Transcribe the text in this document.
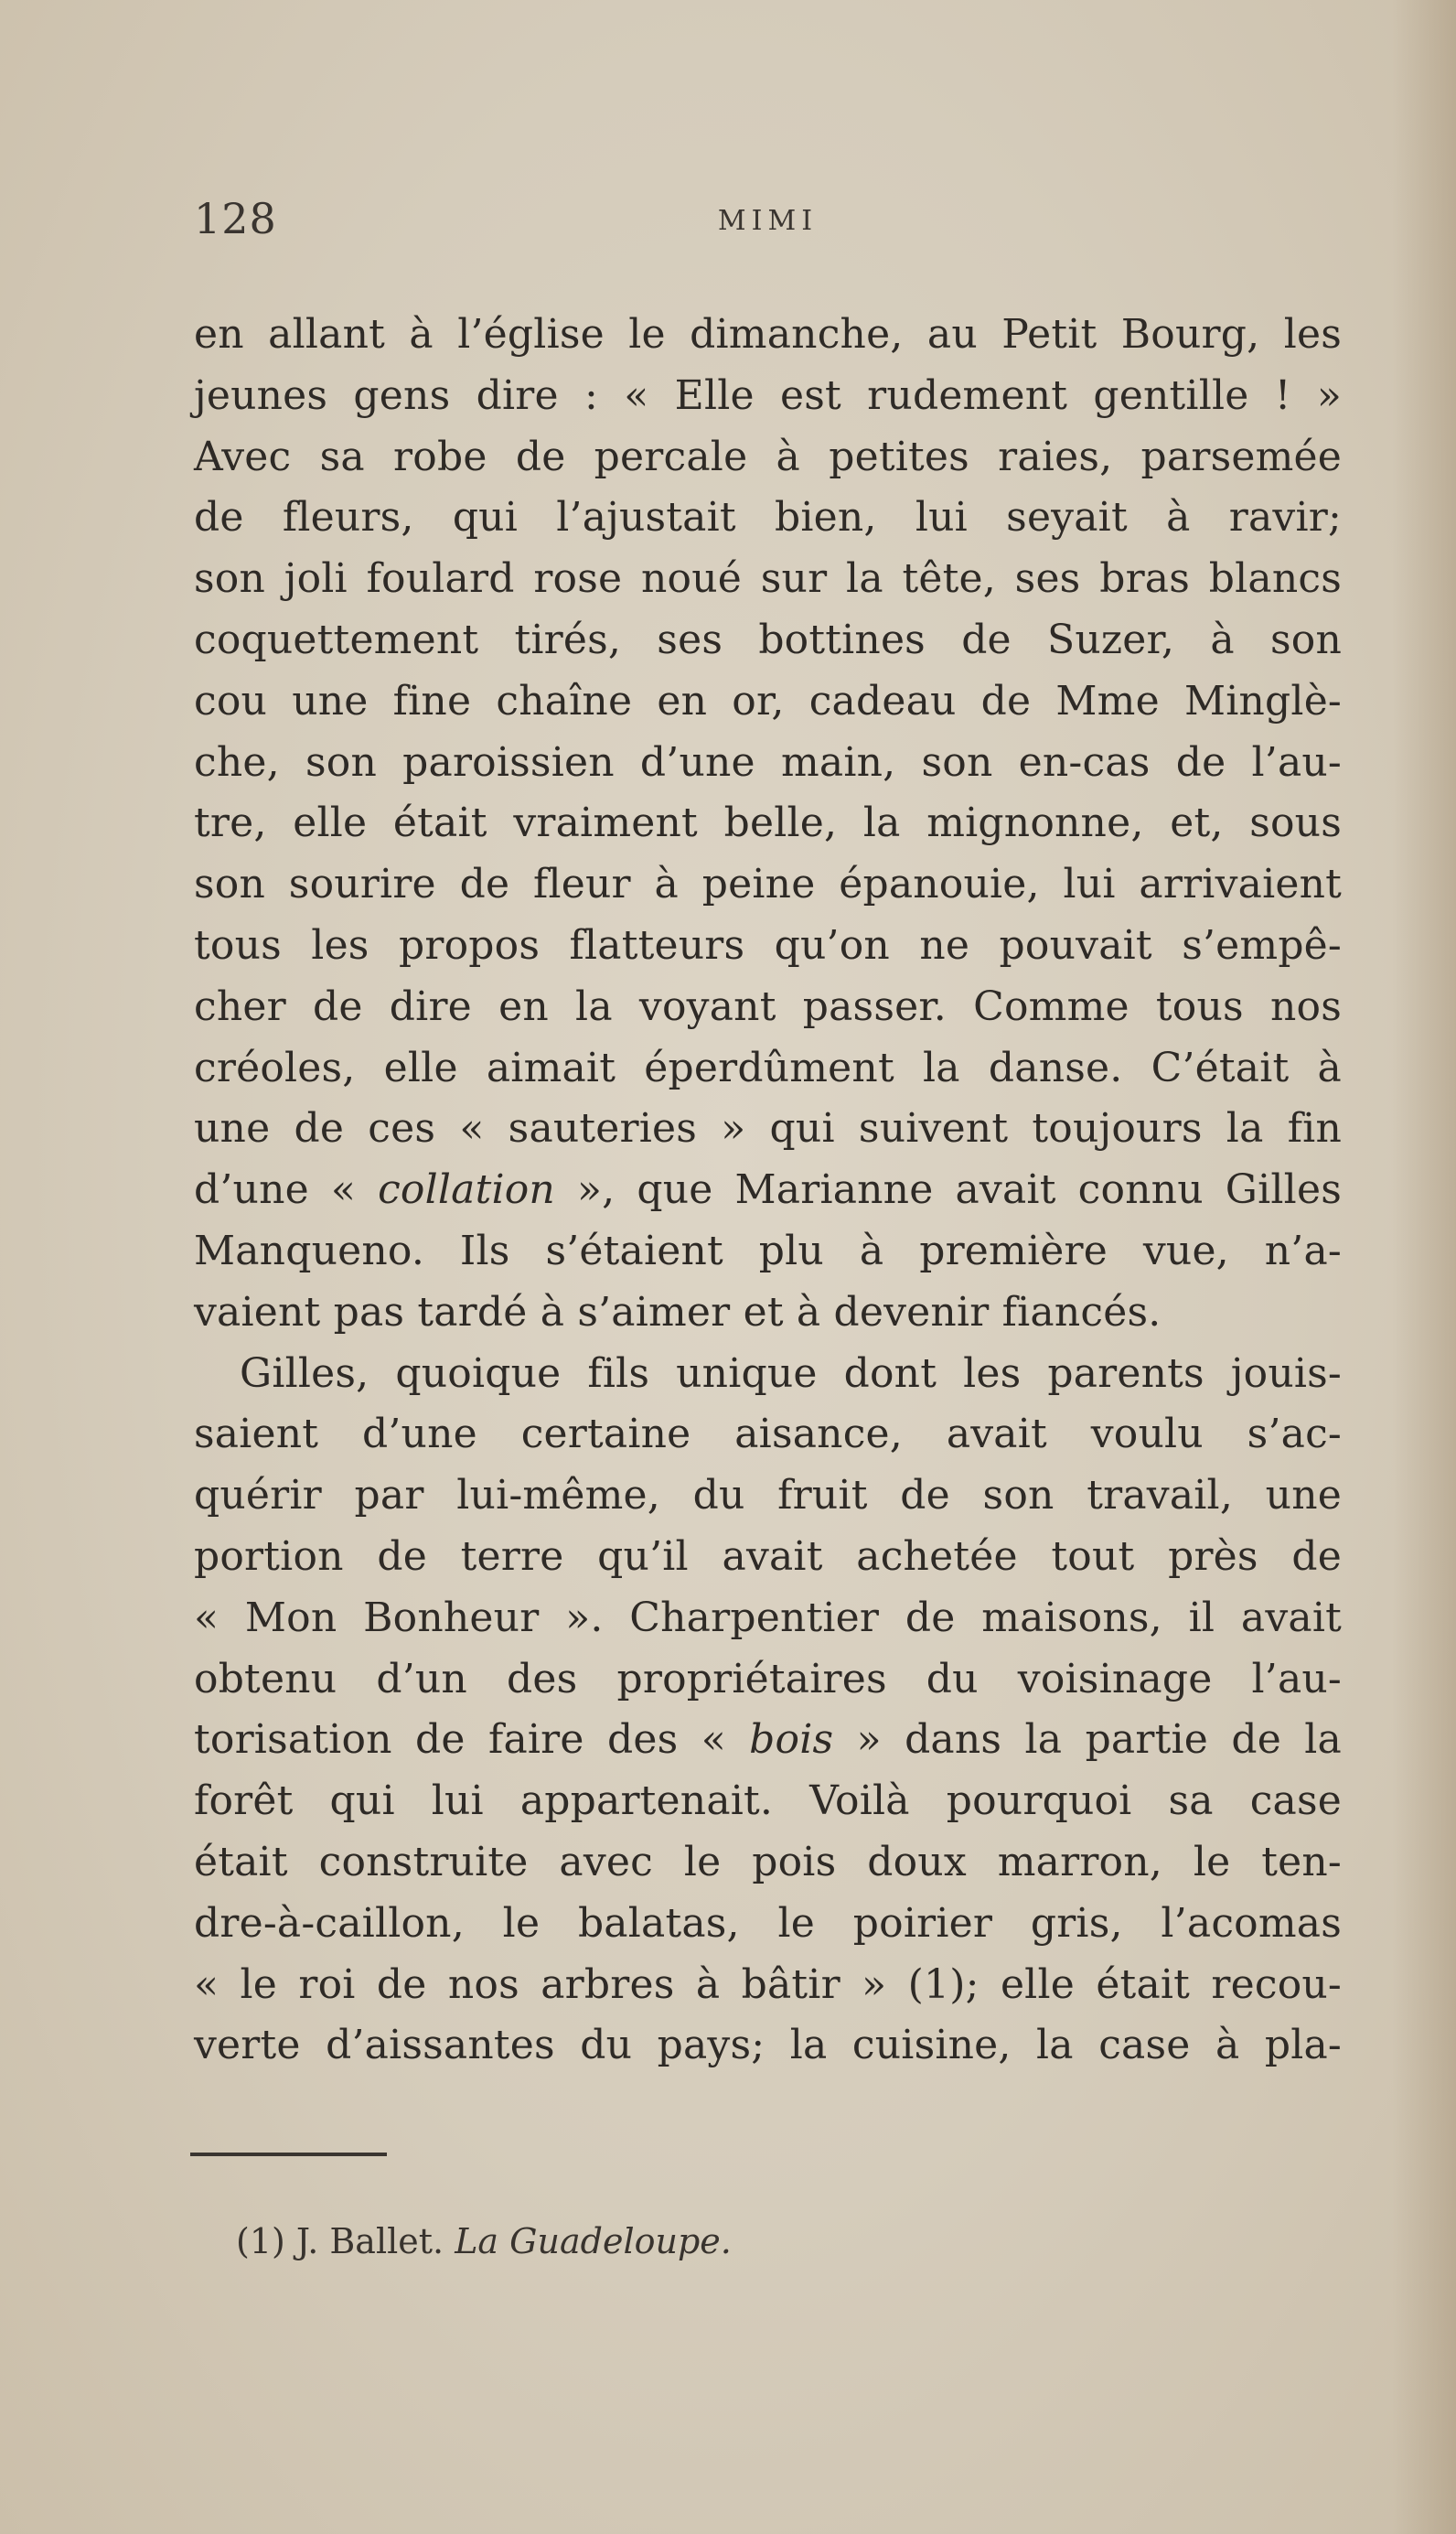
128	MIMI
en allant à l’église le dimanche, au Petit Bourg, les
jeunes gens dire : « Elle est rudement gentille ! »
Avec sa robe de percale à petites raies, parsemée
de fleurs, qui l’ajustait bien, lui seyait à ravir;
son joli foulard rose noué sur la tête, ses bras blancs
coquettement tirés, ses bottines de Suzer, à son
cou une fine chaîne en or, cadeau de Mme Minglè-
che, son paroissien d’une main, son en-cas de l’au-
tre, elle était vraiment belle, la mignonne, et, sous
son sourire de fleur à peine épanouie, lui arrivaient
tous les propos flatteurs qu’on ne pouvait s’empê-
cher de dire en la voyant passer. Comme tous nos
créoles, elle aimait éperdûment la danse. C’était à
une de ces « sauteries » qui suivent toujours la fin
d’une « collation », que Marianne avait connu Gilles
Manqueno. Ils s’étaient plu à première vue, n’a-
vaient pas tardé à s’aimer et à devenir fiancés.
Gilles, quoique fils unique dont les parents jouis-
saient d’une certaine aisance, avait voulu s’ac-
quérir par lui-même, du fruit de son travail, une
portion de terre qu’il avait achetée tout près de
« Mon Bonheur ». Charpentier de maisons, il avait
obtenu d’un des propriétaires du voisinage l’au-
torisation de faire des « bois » dans la partie de la
forêt qui lui appartenait. Voilà pourquoi sa case
était construite avec le pois doux marron, le ten-
dre-à-caillon, le balatas, le poirier gris, l’acomas
« le roi de nos arbres à bâtir » (1); elle était recou-
verte d’aissantes du pays; la cuisine, la case à pla-
(1) J. Ballet. La Guadeloupe.
